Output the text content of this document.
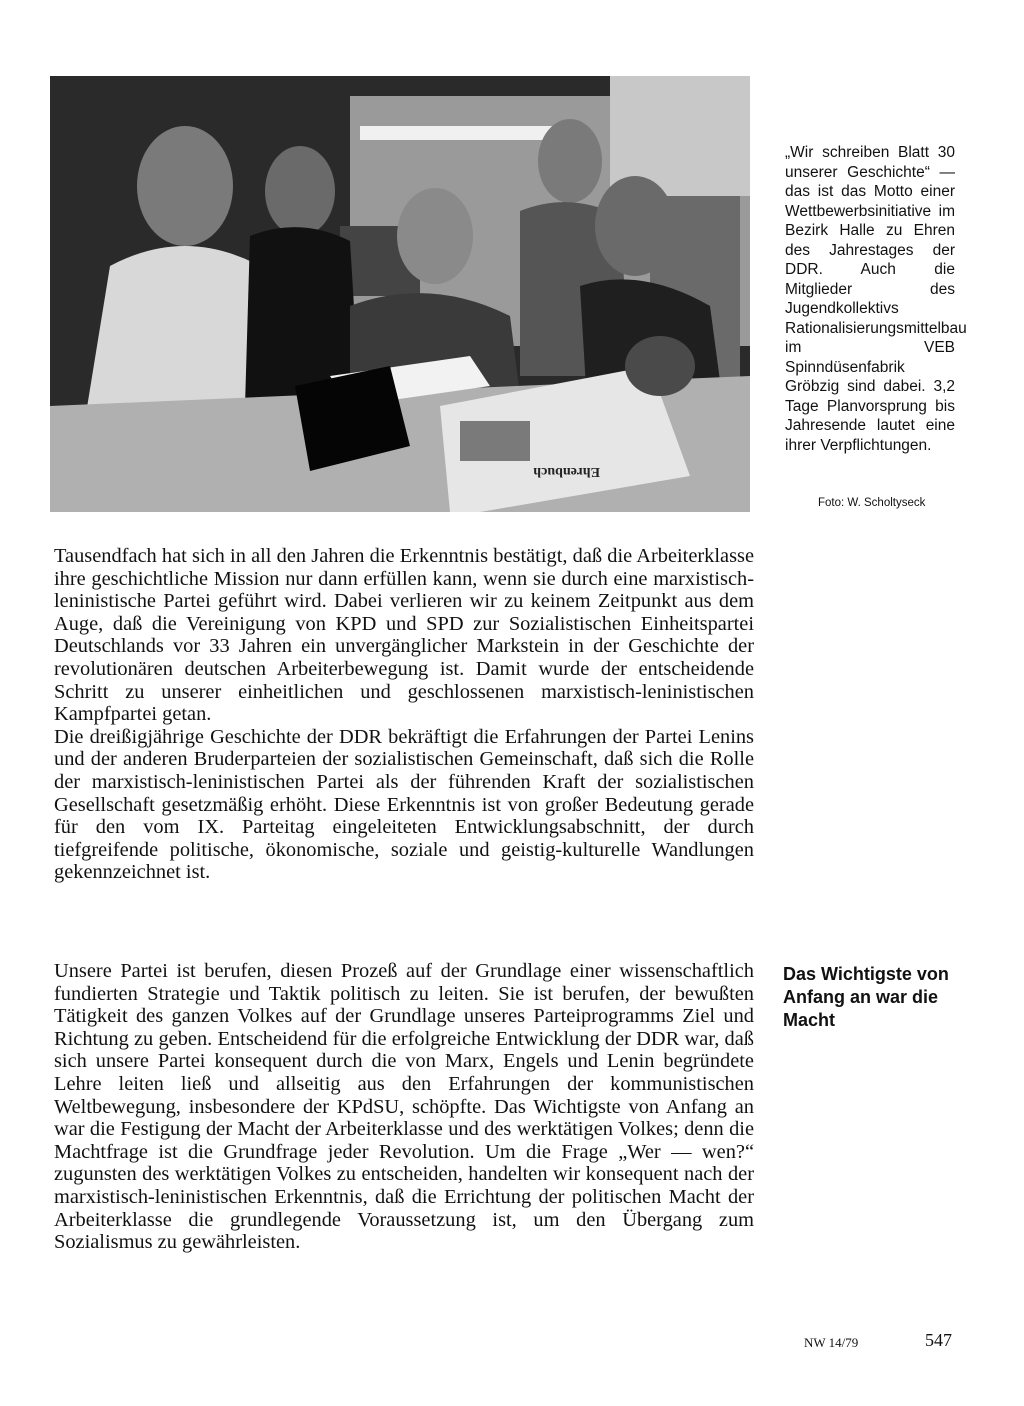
Ehrenbuch
„Wir schreiben Blatt 30 unserer Geschichte“ — das ist das Motto einer Wettbewerbsinitiative im Bezirk Halle zu Ehren des Jahrestages der DDR. Auch die Mitglieder des Jugendkollektivs Rationalisierungsmittelbau im VEB Spinndüsenfabrik Gröbzig sind dabei. 3,2 Tage Planvorsprung bis Jahresende lautet eine ihrer Verpflichtungen.
Foto: W. Scholtyseck

Tausendfach hat sich in all den Jahren die Erkenntnis bestätigt, daß die Arbeiterklasse ihre geschichtliche Mission nur dann erfüllen kann, wenn sie durch eine marxistisch-leninistische Partei geführt wird. Dabei verlieren wir zu keinem Zeitpunkt aus dem Auge, daß die Vereinigung von KPD und SPD zur Sozialistischen Einheitspartei Deutschlands vor 33 Jahren ein unvergänglicher Markstein in der Geschichte der revolutionären deutschen Arbeiterbewegung ist. Damit wurde der entscheidende Schritt zu unserer einheitlichen und geschlossenen marxistisch-leninistischen Kampfpartei getan.

Die dreißigjährige Geschichte der DDR bekräftigt die Erfahrungen der Partei Lenins und der anderen Bruderparteien der sozialistischen Gemeinschaft, daß sich die Rolle der marxistisch-leninistischen Partei als der führenden Kraft der sozialistischen Gesellschaft gesetzmäßig erhöht. Diese Erkenntnis ist von großer Bedeutung gerade für den vom IX. Parteitag eingeleiteten Entwicklungsabschnitt, der durch tiefgreifende politische, ökonomische, soziale und geistig-kulturelle Wandlungen gekennzeichnet ist.

Das Wichtigste von Anfang an war die Macht

Unsere Partei ist berufen, diesen Prozeß auf der Grundlage einer wissenschaftlich fundierten Strategie und Taktik politisch zu leiten. Sie ist berufen, der bewußten Tätigkeit des ganzen Volkes auf der Grundlage unseres Parteiprogramms Ziel und Richtung zu geben. Entscheidend für die erfolgreiche Entwicklung der DDR war, daß sich unsere Partei konsequent durch die von Marx, Engels und Lenin begründete Lehre leiten ließ und allseitig aus den Erfahrungen der kommunistischen Weltbewegung, insbesondere der KPdSU, schöpfte. Das Wichtigste von Anfang an war die Festigung der Macht der Arbeiterklasse und des werktätigen Volkes; denn die Machtfrage ist die Grundfrage jeder Revolution. Um die Frage „Wer — wen?“ zugunsten des werktätigen Volkes zu entscheiden, handelten wir konsequent nach der marxistisch-leninistischen Erkenntnis, daß die Errichtung der politischen Macht der Arbeiterklasse die grundlegende Voraussetzung ist, um den Übergang zum Sozialismus zu gewährleisten.

NW 14/79	547
